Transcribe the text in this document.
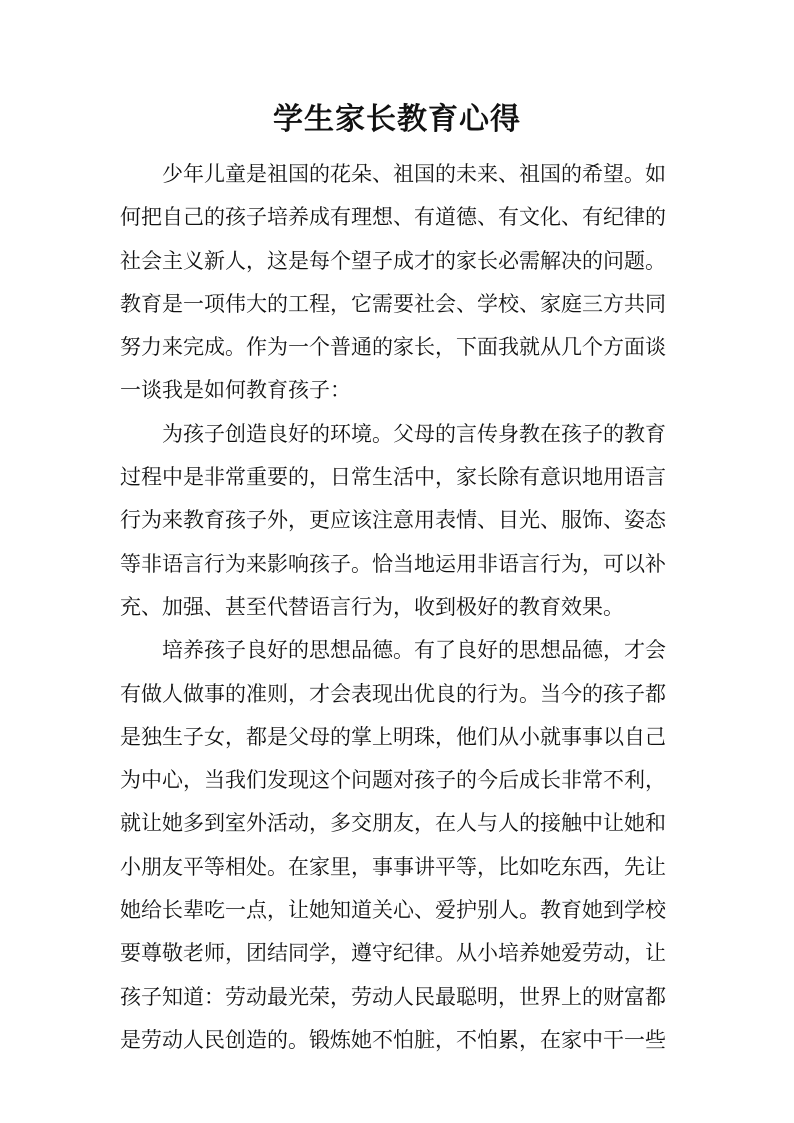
学生家长教育心得
　　少年儿童是祖国的花朵、祖国的未来、祖国的希望。如
何把自己的孩子培养成有理想、有道德、有文化、有纪律的
社会主义新人，这是每个望子成才的家长必需解决的问题。
教育是一项伟大的工程，它需要社会、学校、家庭三方共同
努力来完成。作为一个普通的家长，下面我就从几个方面谈
一谈我是如何教育孩子：
　　为孩子创造良好的环境。父母的言传身教在孩子的教育
过程中是非常重要的，日常生活中，家长除有意识地用语言
行为来教育孩子外，更应该注意用表情、目光、服饰、姿态
等非语言行为来影响孩子。恰当地运用非语言行为，可以补
充、加强、甚至代替语言行为，收到极好的教育效果。
　　培养孩子良好的思想品德。有了良好的思想品德，才会
有做人做事的准则，才会表现出优良的行为。当今的孩子都
是独生子女，都是父母的掌上明珠，他们从小就事事以自己
为中心，当我们发现这个问题对孩子的今后成长非常不利，
就让她多到室外活动，多交朋友，在人与人的接触中让她和
小朋友平等相处。在家里，事事讲平等，比如吃东西，先让
她给长辈吃一点，让她知道关心、爱护别人。教育她到学校
要尊敬老师，团结同学，遵守纪律。从小培养她爱劳动，让
孩子知道：劳动最光荣，劳动人民最聪明，世界上的财富都
是劳动人民创造的。锻炼她不怕脏，不怕累，在家中干一些
